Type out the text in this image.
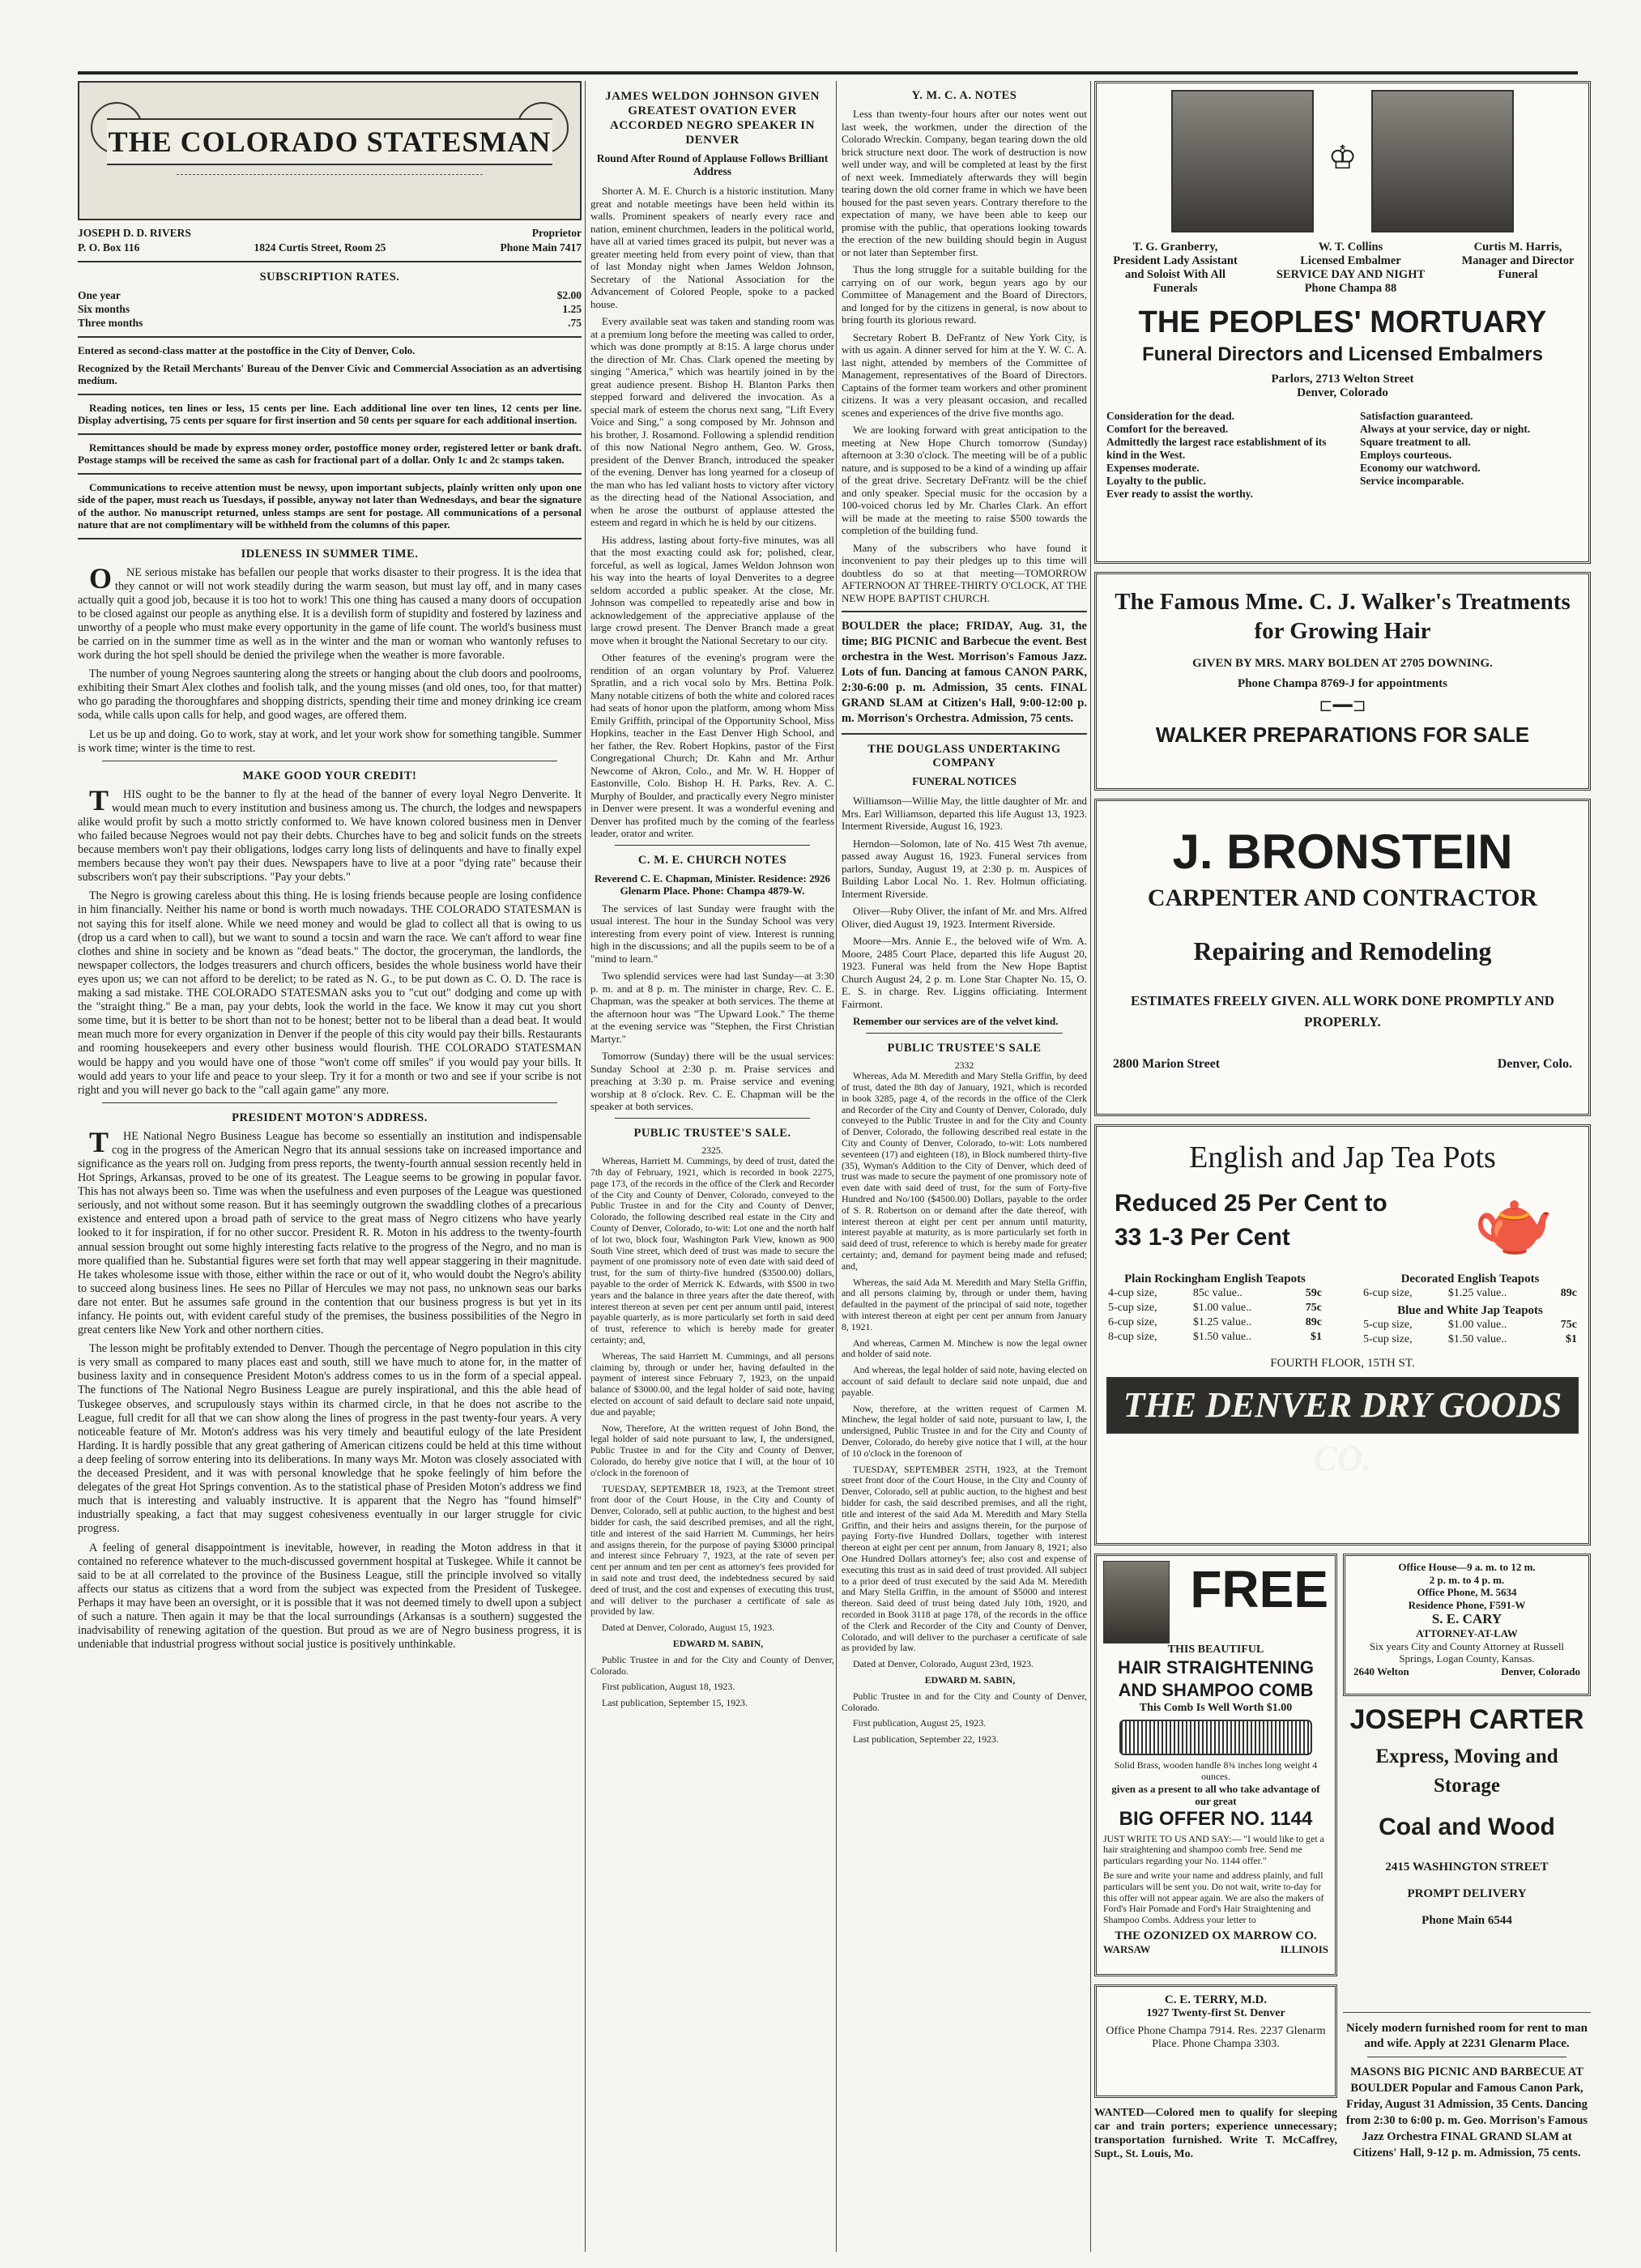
THE COLORADO STATESMAN
JOSEPH D. D. RIVERS	Proprietor
P. O. Box 116	1824 Curtis Street, Room 25	Phone Main 7417
SUBSCRIPTION RATES.
One year	$2.00
Six months	1.25
Three months	.75

Entered as second-class matter at the postoffice in the City of Denver, Colo.

Recognized by the Retail Merchants' Bureau of the Denver Civic and Commercial Association as an advertising medium.

Reading notices, ten lines or less, 15 cents per line. Each additional line over ten lines, 12 cents per line. Display advertising, 75 cents per square for first insertion and 50 cents per square for each additional insertion.

Remittances should be made by express money order, postoffice money order, registered letter or bank draft. Postage stamps will be received the same as cash for fractional part of a dollar. Only 1c and 2c stamps taken.

Communications to receive attention must be newsy, upon important subjects, plainly written only upon one side of the paper, must reach us Tuesdays, if possible, anyway not later than Wednesdays, and bear the signature of the author. No manuscript returned, unless stamps are sent for postage. All communications of a personal nature that are not complimentary will be withheld from the columns of this paper.

IDLENESS IN SUMMER TIME.

ONE serious mistake has befallen our people that works disaster to their progress. It is the idea that they cannot or will not work steadily during the warm season, but must lay off, and in many cases actually quit a good job, because it is too hot to work! This one thing has caused a many doors of occupation to be closed against our people as anything else. It is a devilish form of stupidity and fostered by laziness and unworthy of a people who must make every opportunity in the game of life count. The world's business must be carried on in the summer time as well as in the winter and the man or woman who wantonly refuses to work during the hot spell should be denied the privilege when the weather is more favorable.

The number of young Negroes sauntering along the streets or hanging about the club doors and poolrooms, exhibiting their Smart Alex clothes and foolish talk, and the young misses (and old ones, too, for that matter) who go parading the thoroughfares and shopping districts, spending their time and money drinking ice cream soda, while calls upon calls for help, and good wages, are offered them.

Let us be up and doing. Go to work, stay at work, and let your work show for something tangible. Summer is work time; winter is the time to rest.

MAKE GOOD YOUR CREDIT!

THIS ought to be the banner to fly at the head of the banner of every loyal Negro Denverite. It would mean much to every institution and business among us. The church, the lodges and newspapers alike would profit by such a motto strictly conformed to. We have known colored business men in Denver who failed because Negroes would not pay their debts. Churches have to beg and solicit funds on the streets because members won't pay their obligations, lodges carry long lists of delinquents and have to finally expel members because they won't pay their dues. Newspapers have to live at a poor "dying rate" because their subscribers won't pay their subscriptions. "Pay your debts."

The Negro is growing careless about this thing. He is losing friends because people are losing confidence in him financially. Neither his name or bond is worth much nowadays. THE COLORADO STATESMAN is not saying this for itself alone. While we need money and would be glad to collect all that is owing to us (drop us a card when to call), but we want to sound a tocsin and warn the race. We can't afford to wear fine clothes and shine in society and be known as "dead beats." The doctor, the groceryman, the landlords, the newspaper collectors, the lodges treasurers and church officers, besides the whole business world have their eyes upon us; we can not afford to be derelict; to be rated as N. G., to be put down as C. O. D. The race is making a sad mistake. THE COLORADO STATESMAN asks you to "cut out" dodging and come up with the "straight thing." Be a man, pay your debts, look the world in the face. We know it may cut you short some time, but it is better to be short than not to be honest; better not to be liberal than a dead beat. It would mean much more for every organization in Denver if the people of this city would pay their bills. Restaurants and rooming housekeepers and every other business would flourish. THE COLORADO STATESMAN would be happy and you would have one of those "won't come off smiles" if you would pay your bills. It would add years to your life and peace to your sleep. Try it for a month or two and see if your scribe is not right and you will never go back to the "call again game" any more.

PRESIDENT MOTON'S ADDRESS.

THE National Negro Business League has become so essentially an institution and indispensable cog in the progress of the American Negro that its annual sessions take on increased importance and significance as the years roll on. Judging from press reports, the twenty-fourth annual session recently held in Hot Springs, Arkansas, proved to be one of its greatest. The League seems to be growing in popular favor. This has not always been so. Time was when the usefulness and even purposes of the League was questioned seriously, and not without some reason. But it has seemingly outgrown the swaddling clothes of a precarious existence and entered upon a broad path of service to the great mass of Negro citizens who have yearly looked to it for inspiration, if for no other succor. President R. R. Moton in his address to the twenty-fourth annual session brought out some highly interesting facts relative to the progress of the Negro, and no man is more qualified than he. Substantial figures were set forth that may well appear staggering in their magnitude. He takes wholesome issue with those, either within the race or out of it, who would doubt the Negro's ability to succeed along business lines. He sees no Pillar of Hercules we may not pass, no unknown seas our barks dare not enter. But he assumes safe ground in the contention that our business progress is but yet in its infancy. He points out, with evident careful study of the premises, the business possibilities of the Negro in great centers like New York and other northern cities.

The lesson might be profitably extended to Denver. Though the percentage of Negro population in this city is very small as compared to many places east and south, still we have much to atone for, in the matter of business laxity and in consequence President Moton's address comes to us in the form of a special appeal. The functions of The National Negro Business League are purely inspirational, and this the able head of Tuskegee observes, and scrupulously stays within its charmed circle, in that he does not ascribe to the League, full credit for all that we can show along the lines of progress in the past twenty-four years. A very noticeable feature of Mr. Moton's address was his very timely and beautiful eulogy of the late President Harding. It is hardly possible that any great gathering of American citizens could be held at this time without a deep feeling of sorrow entering into its deliberations. In many ways Mr. Moton was closely associated with the deceased President, and it was with personal knowledge that he spoke feelingly of him before the delegates of the great Hot Springs convention. As to the statistical phase of Presiden Moton's address we find much that is interesting and valuably instructive. It is apparent that the Negro has "found himself" industrially speaking, a fact that may suggest cohesiveness eventually in our larger struggle for civic progress.

A feeling of general disappointment is inevitable, however, in reading the Moton address in that it contained no reference whatever to the much-discussed government hospital at Tuskegee. While it cannot be said to be at all correlated to the province of the Business League, still the principle involved so vitally affects our status as citizens that a word from the subject was expected from the President of Tuskegee. Perhaps it may have been an oversight, or it is possible that it was not deemed timely to dwell upon a subject of such a nature. Then again it may be that the local surroundings (Arkansas is a southern) suggested the inadvisability of renewing agitation of the question. But proud as we are of Negro business progress, it is undeniable that industrial progress without social justice is positively unthinkable.

JAMES WELDON JOHNSON GIVEN GREATEST OVATION EVER ACCORDED NEGRO SPEAKER IN DENVER
Round After Round of Applause Follows Brilliant Address

Shorter A. M. E. Church is a historic institution. Many great and notable meetings have been held within its walls. Prominent speakers of nearly every race and nation, eminent churchmen, leaders in the political world, have all at varied times graced its pulpit, but never was a greater meeting held from every point of view, than that of last Monday night when James Weldon Johnson, Secretary of the National Association for the Advancement of Colored People, spoke to a packed house.

Every available seat was taken and standing room was at a premium long before the meeting was called to order, which was done promptly at 8:15. A large chorus under the direction of Mr. Chas. Clark opened the meeting by singing "America," which was heartily joined in by the great audience present. Bishop H. Blanton Parks then stepped forward and delivered the invocation. As a special mark of esteem the chorus next sang, "Lift Every Voice and Sing," a song composed by Mr. Johnson and his brother, J. Rosamond. Following a splendid rendition of this now National Negro anthem, Geo. W. Gross, president of the Denver Branch, introduced the speaker of the evening. Denver has long yearned for a closeup of the man who has led valiant hosts to victory after victory as the directing head of the National Association, and when he arose the outburst of applause attested the esteem and regard in which he is held by our citizens.

His address, lasting about forty-five minutes, was all that the most exacting could ask for; polished, clear, forceful, as well as logical, James Weldon Johnson won his way into the hearts of loyal Denverites to a degree seldom accorded a public speaker. At the close, Mr. Johnson was compelled to repeatedly arise and bow in acknowledgement of the appreciative applause of the large crowd present. The Denver Branch made a great move when it brought the National Secretary to our city.

Other features of the evening's program were the rendition of an organ voluntary by Prof. Valuerez Spratlin, and a rich vocal solo by Mrs. Bettina Polk. Many notable citizens of both the white and colored races had seats of honor upon the platform, among whom Miss Emily Griffith, principal of the Opportunity School, Miss Hopkins, teacher in the East Denver High School, and her father, the Rev. Robert Hopkins, pastor of the First Congregational Church; Dr. Kahn and Mr. Arthur Newcome of Akron, Colo., and Mr. W. H. Hopper of Eastonville, Colo. Bishop H. H. Parks, Rev. A. C. Murphy of Boulder, and practically every Negro minister in Denver were present. It was a wonderful evening and Denver has profited much by the coming of the fearless leader, orator and writer.

C. M. E. CHURCH NOTES

Reverend C. E. Chapman, Minister. Residence: 2926 Glenarm Place. Phone: Champa 4879-W.

The services of last Sunday were fraught with the usual interest. The hour in the Sunday School was very interesting from every point of view. Interest is running high in the discussions; and all the pupils seem to be of a "mind to learn."

Two splendid services were had last Sunday—at 3:30 p. m. and at 8 p. m. The minister in charge, Rev. C. E. Chapman, was the speaker at both services. The theme at the afternoon hour was "The Upward Look." The theme at the evening service was "Stephen, the First Christian Martyr."

Tomorrow (Sunday) there will be the usual services: Sunday School at 2:30 p. m. Praise services and preaching at 3:30 p. m. Praise service and evening worship at 8 o'clock. Rev. C. E. Chapman will be the speaker at both services.

PUBLIC TRUSTEE'S SALE.
2325.

Whereas, Harriett M. Cummings, by deed of trust, dated the 7th day of February, 1921, which is recorded in book 2275, page 173, of the records in the office of the Clerk and Recorder of the City and County of Denver, Colorado, conveyed to the Public Trustee in and for the City and County of Denver, Colorado, the following described real estate in the City and County of Denver, Colorado, to-wit: Lot one and the north half of lot two, block four, Washington Park View, known as 900 South Vine street, which deed of trust was made to secure the payment of one promissory note of even date with said deed of trust, for the sum of thirty-five hundred ($3500.00) dollars, payable to the order of Merrick K. Edwards, with $500 in two years and the balance in three years after the date thereof, with interest thereon at seven per cent per annum until paid, interest payable quarterly, as is more particularly set forth in said deed of trust, reference to which is hereby made for greater certainty; and,

Whereas, The said Harriett M. Cummings, and all persons claiming by, through or under her, having defaulted in the payment of interest since February 7, 1923, on the unpaid balance of $3000.00, and the legal holder of said note, having elected on account of said default to declare said note unpaid, due and payable;

Now, Therefore, At the written request of John Bond, the legal holder of said note pursuant to law, I, the undersigned, Public Trustee in and for the City and County of Denver, Colorado, do hereby give notice that I will, at the hour of 10 o'clock in the forenoon of

TUESDAY, SEPTEMBER 18, 1923, at the Tremont street front door of the Court House, in the City and County of Denver, Colorado, sell at public auction, to the highest and best bidder for cash, the said described premises, and all the right, title and interest of the said Harriett M. Cummings, her heirs and assigns therein, for the purpose of paying $3000 principal and interest since February 7, 1923, at the rate of seven per cent per annum and ten per cent as attorney's fees provided for in said note and trust deed, the indebtedness secured by said deed of trust, and the cost and expenses of executing this trust, and will deliver to the purchaser a certificate of sale as provided by law.

Dated at Denver, Colorado, August 15, 1923.

EDWARD M. SABIN,

Public Trustee in and for the City and County of Denver, Colorado.

First publication, August 18, 1923.

Last publication, September 15, 1923.

Y. M. C. A. NOTES

Less than twenty-four hours after our notes went out last week, the workmen, under the direction of the Colorado Wreckin. Company, began tearing down the old brick structure next door. The work of destruction is now well under way, and will be completed at least by the first of next week. Immediately afterwards they will begin tearing down the old corner frame in which we have been housed for the past seven years. Contrary therefore to the expectation of many, we have been able to keep our promise with the public, that operations looking towards the erection of the new building should begin in August or not later than September first.

Thus the long struggle for a suitable building for the carrying on of our work, begun years ago by our Committee of Management and the Board of Directors, and longed for by the citizens in general, is now about to bring fourth its glorious reward.

Secretary Robert B. DeFrantz of New York City, is with us again. A dinner served for him at the Y. W. C. A. last night, attended by members of the Committee of Management, representatives of the Board of Directors. Captains of the former team workers and other prominent citizens. It was a very pleasant occasion, and recalled scenes and experiences of the drive five months ago.

We are looking forward with great anticipation to the meeting at New Hope Church tomorrow (Sunday) afternoon at 3:30 o'clock. The meeting will be of a public nature, and is supposed to be a kind of a winding up affair of the great drive. Secretary DeFrantz will be the chief and only speaker. Special music for the occasion by a 100-voiced chorus led by Mr. Charles Clark. An effort will be made at the meeting to raise $500 towards the completion of the building fund.

Many of the subscribers who have found it inconvenient to pay their pledges up to this time will doubtless do so at that meeting—TOMORROW AFTERNOON AT THREE-THIRTY O'CLOCK, AT THE NEW HOPE BAPTIST CHURCH.

BOULDER the place; FRIDAY, Aug. 31, the time; BIG PICNIC and Barbecue the event. Best orchestra in the West. Morrison's Famous Jazz. Lots of fun. Dancing at famous CANON PARK, 2:30-6:00 p. m. Admission, 35 cents. FINAL GRAND SLAM at Citizen's Hall, 9:00-12:00 p. m. Morrison's Orchestra. Admission, 75 cents.

THE DOUGLASS UNDERTAKING COMPANY
FUNERAL NOTICES

Williamson—Willie May, the little daughter of Mr. and Mrs. Earl Williamson, departed this life August 13, 1923. Interment Riverside, August 16, 1923.

Herndon—Solomon, late of No. 415 West 7th avenue, passed away August 16, 1923. Funeral services from parlors, Sunday, August 19, at 2:30 p. m. Auspices of Building Labor Local No. 1. Rev. Holmun officiating. Interment Riverside.

Oliver—Ruby Oliver, the infant of Mr. and Mrs. Alfred Oliver, died August 19, 1923. Interment Riverside.

Moore—Mrs. Annie E., the beloved wife of Wm. A. Moore, 2485 Court Place, departed this life August 20, 1923. Funeral was held from the New Hope Baptist Church August 24, 2 p. m. Lone Star Chapter No. 15, O. E. S. in charge. Rev. Liggins officiating. Interment Fairmont.

Remember our services are of the velvet kind.

PUBLIC TRUSTEE'S SALE
2332

Whereas, Ada M. Meredith and Mary Stella Griffin, by deed of trust, dated the 8th day of January, 1921, which is recorded in book 3285, page 4, of the records in the office of the Clerk and Recorder of the City and County of Denver, Colorado, duly conveyed to the Public Trustee in and for the City and County of Denver, Colorado, the following described real estate in the City and County of Denver, Colorado, to-wit: Lots numbered seventeen (17) and eighteen (18), in Block numbered thirty-five (35), Wyman's Addition to the City of Denver, which deed of trust was made to secure the payment of one promissory note of even date with said deed of trust, for the sum of Forty-five Hundred and No/100 ($4500.00) Dollars, payable to the order of S. R. Robertson on or demand after the date thereof, with interest thereon at eight per cent per annum until maturity, interest payable at maturity, as is more particularly set forth in said deed of trust, reference to which is hereby made for greater certainty; and, demand for payment being made and refused; and,

Whereas, the said Ada M. Meredith and Mary Stella Griffin, and all persons claiming by, through or under them, having defaulted in the payment of the principal of said note, together with interest thereon at eight per cent per annum from January 8, 1921.

And whereas, Carmen M. Minchew is now the legal owner and holder of said note.

And whereas, the legal holder of said note, having elected on account of said default to declare said note unpaid, due and payable.

Now, therefore, at the written request of Carmen M. Minchew, the legal holder of said note, pursuant to law, I, the undersigned, Public Trustee in and for the City and County of Denver, Colorado, do hereby give notice that I will, at the hour of 10 o'clock in the forenoon of

TUESDAY, SEPTEMBER 25TH, 1923, at the Tremont street front door of the Court House, in the City and County of Denver, Colorado, sell at public auction, to the highest and best bidder for cash, the said described premises, and all the right, title and interest of the said Ada M. Meredith and Mary Stella Griffin, and their heirs and assigns therein, for the purpose of paying Forty-five Hundred Dollars, together with interest thereon at eight per cent per annum, from January 8, 1921; also One Hundred Dollars attorney's fee; also cost and expense of executing this trust as in said deed of trust provided. All subject to a prior deed of trust executed by the said Ada M. Meredith and Mary Stella Griffin, in the amount of $5000 and interest thereon. Said deed of trust being dated July 10th, 1920, and recorded in Book 3118 at page 178, of the records in the office of the Clerk and Recorder of the City and County of Denver, Colorado, and will deliver to the purchaser a certificate of sale as provided by law.

Dated at Denver, Colorado, August 23rd, 1923.

EDWARD M. SABIN,

Public Trustee in and for the City and County of Denver, Colorado.

First publication, August 25, 1923.

Last publication, September 22, 1923.

♔
T. G. Granberry,
President Lady Assistant and Soloist With All Funerals
W. T. Collins
Licensed Embalmer
SERVICE DAY AND NIGHT
Phone Champa 88
Curtis M. Harris,
Manager and Director Funeral
THE PEOPLES' MORTUARY
Funeral Directors and Licensed Embalmers
Parlors, 2713 Welton Street
Denver, Colorado
Consideration for the dead.
Comfort for the bereaved.
Admittedly the largest race establishment of its kind in the West.
Expenses moderate.
Loyalty to the public.
Ever ready to assist the worthy.
Satisfaction guaranteed.
Always at your service, day or night.
Square treatment to all.
Employs courteous.
Economy our watchword.
Service incomparable.
The Famous Mme. C. J. Walker's Treatments for Growing Hair
GIVEN BY MRS. MARY BOLDEN AT 2705 DOWNING.
Phone Champa 8769-J for appointments
⊏━━⊐
WALKER PREPARATIONS FOR SALE
J. BRONSTEIN
CARPENTER AND CONTRACTOR
Repairing and Remodeling
ESTIMATES FREELY GIVEN. ALL WORK DONE PROMPTLY AND PROPERLY.
2800 Marion Street	Denver, Colo.
English and Jap Tea Pots
Reduced 25 Per Cent to 33 1-3 Per Cent	🫖
Plain Rockingham English Teapots
4-cup size,	85c value..	59c
5-cup size,	$1.00 value..	75c
6-cup size,	$1.25 value..	89c
8-cup size,	$1.50 value..	$1
Decorated English Teapots
6-cup size,	$1.25 value..	89c
Blue and White Jap Teapots
5-cup size,	$1.00 value..	75c
5-cup size,	$1.50 value..	$1
FOURTH FLOOR, 15TH ST.
THE DENVER DRY GOODS CO.
FREE
THIS BEAUTIFUL
HAIR STRAIGHTENING AND SHAMPOO COMB
This Comb Is Well Worth $1.00
Solid Brass, wooden handle 8¾ inches long weight 4 ounces.
given as a present to all who take advantage of our great
BIG OFFER NO. 1144
JUST WRITE TO US AND SAY:— "I would like to get a hair straightening and shampoo comb free. Send me particulars regarding your No. 1144 offer."
Be sure and write your name and address plainly, and full particulars will be sent you. Do not wait, write to-day for this offer will not appear again. We are also the makers of Ford's Hair Pomade and Ford's Hair Straightening and Shampoo Combs. Address your letter to
THE OZONIZED OX MARROW CO.
WARSAW	ILLINOIS
C. E. TERRY, M.D.
1927 Twenty-first St. Denver
Office Phone Champa 7914. Res. 2237 Glenarm Place. Phone Champa 3303.

WANTED—Colored men to qualify for sleeping car and train porters; experience unnecessary; transportation furnished. Write T. McCaffrey, Supt., St. Louis, Mo.

Office House—9 a. m. to 12 m.
2 p. m. to 4 p. m.
Office Phone, M. 5634
Residence Phone, F591-W
S. E. CARY
ATTORNEY-AT-LAW
Six years City and County Attorney at Russell Springs, Logan County, Kansas.
2640 Welton	Denver, Colorado
JOSEPH CARTER
Express, Moving and Storage
Coal and Wood
2415 WASHINGTON STREET
PROMPT DELIVERY
Phone Main 6544

Nicely modern furnished room for rent to man and wife. Apply at 2231 Glenarm Place.

MASONS BIG PICNIC AND BARBECUE AT BOULDER Popular and Famous Canon Park, Friday, August 31 Admission, 35 Cents. Dancing from 2:30 to 6:00 p. m. Geo. Morrison's Famous Jazz Orchestra FINAL GRAND SLAM at Citizens' Hall, 9-12 p. m. Admission, 75 cents.
